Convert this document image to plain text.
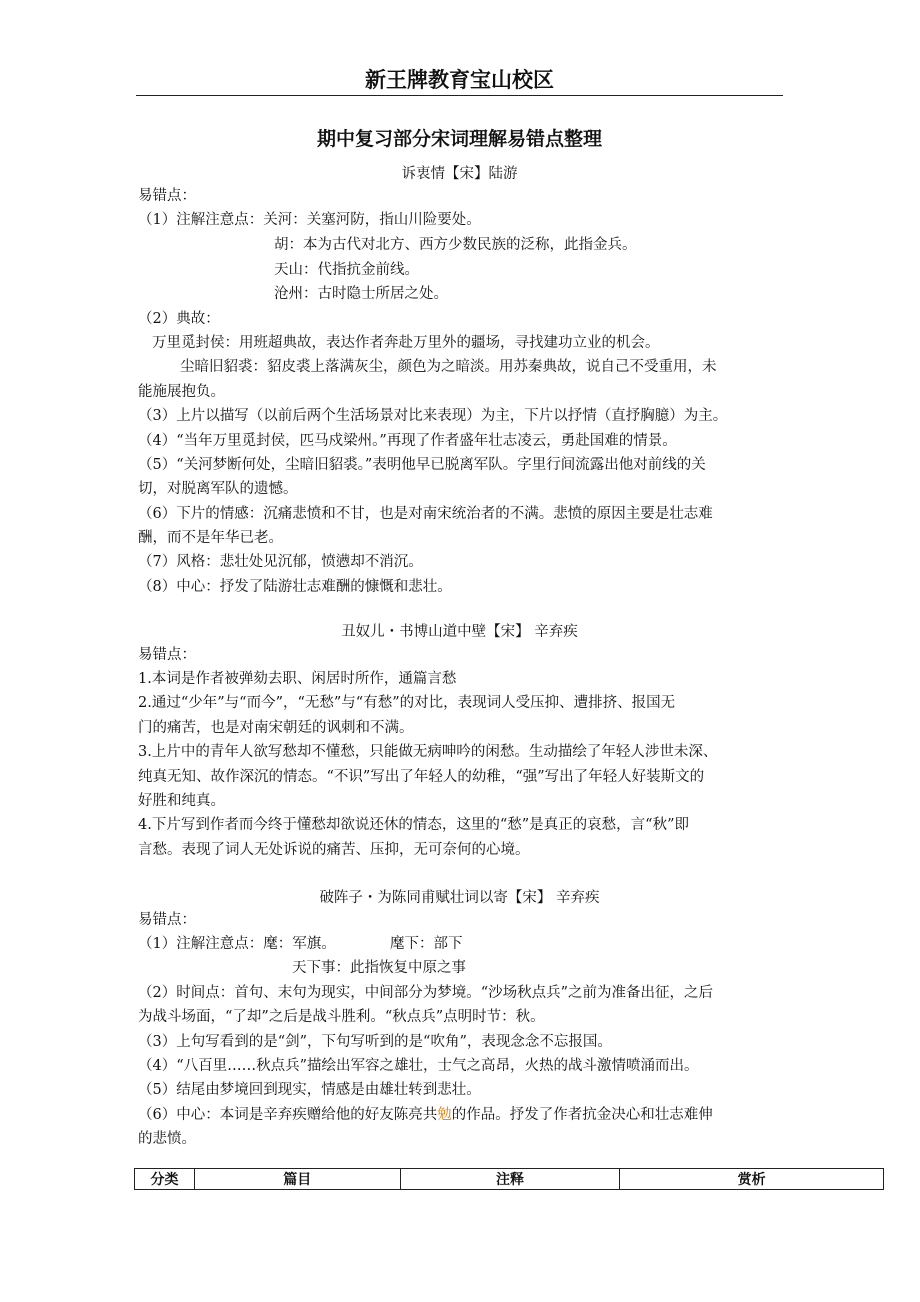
新王牌教育宝山校区
期中复习部分宋词理解易错点整理
诉衷情【宋】陆游
易错点：
（1）注解注意点：关河：关塞河防，指山川险要处。
胡：本为古代对北方、西方少数民族的泛称，此指金兵。
天山：代指抗金前线。
沧州：古时隐士所居之处。
（2）典故：
万里觅封侯：用班超典故，表达作者奔赴万里外的疆场，寻找建功立业的机会。
尘暗旧貂裘：貂皮裘上落满灰尘，颜色为之暗淡。用苏秦典故，说自己不受重用，未
能施展抱负。
（3）上片以描写（以前后两个生活场景对比来表现）为主，下片以抒情（直抒胸臆）为主。
（4）“当年万里觅封侯，匹马戍梁州。”再现了作者盛年壮志凌云，勇赴国难的情景。
（5）“关河梦断何处，尘暗旧貂裘。”表明他早已脱离军队。字里行间流露出他对前线的关
切，对脱离军队的遗憾。
（6）下片的情感：沉痛悲愤和不甘，也是对南宋统治者的不满。悲愤的原因主要是壮志难
酬，而不是年华已老。
（7）风格：悲壮处见沉郁，愤懑却不消沉。
（8）中心：抒发了陆游壮志难酬的慷慨和悲壮。
丑奴儿・书博山道中壁【宋】 辛弃疾
易错点：
1.本词是作者被弹劾去职、闲居时所作，通篇言愁
2.通过“少年”与“而今”，“无愁”与“有愁”的对比，表现词人受压抑、遭排挤、报国无
门的痛苦，也是对南宋朝廷的讽刺和不满。
3.上片中的青年人欲写愁却不懂愁，只能做无病呻吟的闲愁。生动描绘了年轻人涉世未深、
纯真无知、故作深沉的情态。“不识”写出了年轻人的幼稚，“强”写出了年轻人好装斯文的
好胜和纯真。
4.下片写到作者而今终于懂愁却欲说还休的情态，这里的“愁”是真正的哀愁，言“秋”即
言愁。表现了词人无处诉说的痛苦、压抑，无可奈何的心境。
破阵子・为陈同甫赋壮词以寄【宋】 辛弃疾
易错点：
（1）注解注意点：麾：军旗。	麾下：部下
天下事：此指恢复中原之事
（2）时间点：首句、末句为现实，中间部分为梦境。“沙场秋点兵”之前为准备出征，之后
为战斗场面，“了却”之后是战斗胜利。“秋点兵”点明时节：秋。
（3）上句写看到的是“剑”，下句写听到的是“吹角”，表现念念不忘报国。
（4）“八百里……秋点兵”描绘出军容之雄壮，士气之高昂，火热的战斗激情喷涌而出。
（5）结尾由梦境回到现实，情感是由雄壮转到悲壮。
（6）中心：本词是辛弃疾赠给他的好友陈亮共勉的作品。抒发了作者抗金决心和壮志难伸
的悲愤。
分类	篇目	注释	赏析
